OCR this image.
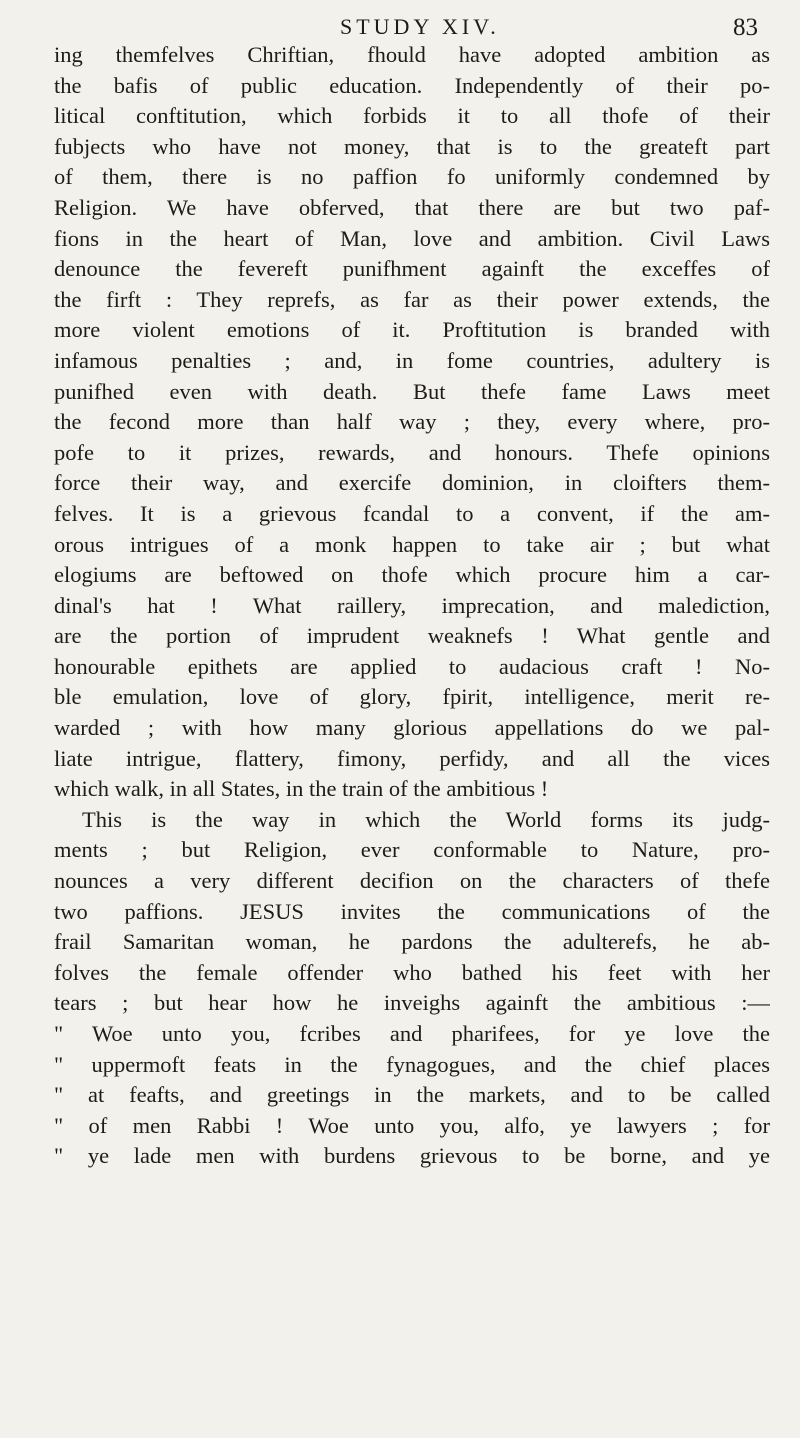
STUDY XIV.	83
ing themfelves Chriftian, fhould have adopted ambition as
the bafis of public education. Independently of their po-
litical conftitution, which forbids it to all thofe of their
fubjects who have not money, that is to the greateft part
of them, there is no paffion fo uniformly condemned by
Religion. We have obferved, that there are but two paf-
fions in the heart of Man, love and ambition. Civil Laws
denounce the fevereft punifhment againft the exceffes of
the firft : They reprefs, as far as their power extends, the
more violent emotions of it. Proftitution is branded with
infamous penalties ; and, in fome countries, adultery is
punifhed even with death. But thefe fame Laws meet
the fecond more than half way ; they, every where, pro-
pofe to it prizes, rewards, and honours. Thefe opinions
force their way, and exercife dominion, in cloifters them-
felves. It is a grievous fcandal to a convent, if the am-
orous intrigues of a monk happen to take air ; but what
elogiums are beftowed on thofe which procure him a car-
dinal's hat ! What raillery, imprecation, and malediction,
are the portion of imprudent weaknefs ! What gentle and
honourable epithets are applied to audacious craft ! No-
ble emulation, love of glory, fpirit, intelligence, merit re-
warded ; with how many glorious appellations do we pal-
liate intrigue, flattery, fimony, perfidy, and all the vices
which walk, in all States, in the train of the ambitious !
This is the way in which the World forms its judg-
ments ; but Religion, ever conformable to Nature, pro-
nounces a very different decifion on the characters of thefe
two paffions. JESUS invites the communications of the
frail Samaritan woman, he pardons the adulterefs, he ab-
folves the female offender who bathed his feet with her
tears ; but hear how he inveighs againft the ambitious :—
" Woe unto you, fcribes and pharifees, for ye love the
" uppermoft feats in the fynagogues, and the chief places
" at feafts, and greetings in the markets, and to be called
" of men Rabbi ! Woe unto you, alfo, ye lawyers ; for
" ye lade men with burdens grievous to be borne, and ye
